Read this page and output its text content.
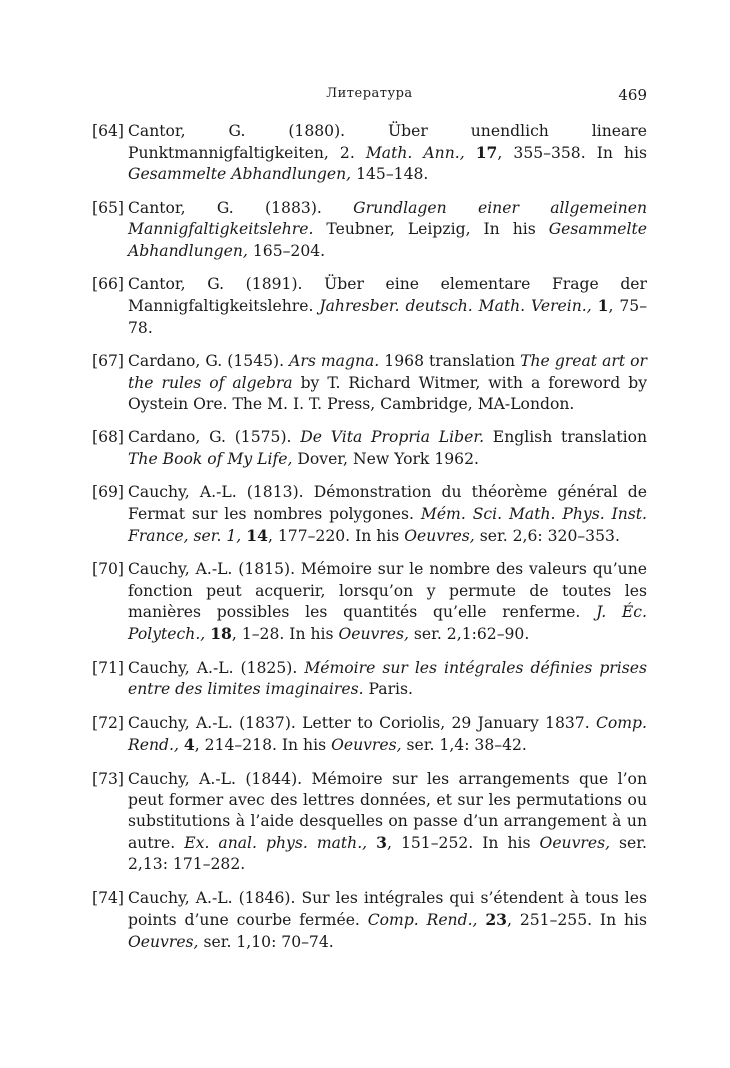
Литература	469
[64] Cantor, G. (1880). Über unendlich lineare Punktmannigfaltigkeiten, 2. Math. Ann., 17, 355–358. In his Gesammelte Abhandlungen, 145–148.
[65] Cantor, G. (1883). Grundlagen einer allgemeinen Mannigfaltigkeitslehre. Teubner, Leipzig, In his Gesammelte Abhandlungen, 165–204.
[66] Cantor, G. (1891). Über eine elementare Frage der Mannigfaltigkeitslehre. Jahresber. deutsch. Math. Verein., 1, 75–78.
[67] Cardano, G. (1545). Ars magna. 1968 translation The great art or the rules of algebra by T. Richard Witmer, with a foreword by Oystein Ore. The M. I. T. Press, Cambridge, MA-London.
[68] Cardano, G. (1575). De Vita Propria Liber. English translation The Book of My Life, Dover, New York 1962.
[69] Cauchy, A.-L. (1813). Démonstration du théorème général de Fermat sur les nombres polygones. Mém. Sci. Math. Phys. Inst. France, ser. 1, 14, 177–220. In his Oeuvres, ser. 2,6: 320–353.
[70] Cauchy, A.-L. (1815). Mémoire sur le nombre des valeurs qu’une fonction peut acquerir, lorsqu’on y permute de toutes les manières possibles les quantités qu’elle renferme. J. Éc. Polytech., 18, 1–28. In his Oeuvres, ser. 2,1:62–90.
[71] Cauchy, A.-L. (1825). Mémoire sur les intégrales définies prises entre des limites imaginaires. Paris.
[72] Cauchy, A.-L. (1837). Letter to Coriolis, 29 January 1837. Comp. Rend., 4, 214–218. In his Oeuvres, ser. 1,4: 38–42.
[73] Cauchy, A.-L. (1844). Mémoire sur les arrangements que l’on peut former avec des lettres données, et sur les permutations ou substitutions à l’aide desquelles on passe d’un arrangement à un autre. Ex. anal. phys. math., 3, 151–252. In his Oeuvres, ser. 2,13: 171–282.
[74] Cauchy, A.-L. (1846). Sur les intégrales qui s’étendent à tous les points d’une courbe fermée. Comp. Rend., 23, 251–255. In his Oeuvres, ser. 1,10: 70–74.
